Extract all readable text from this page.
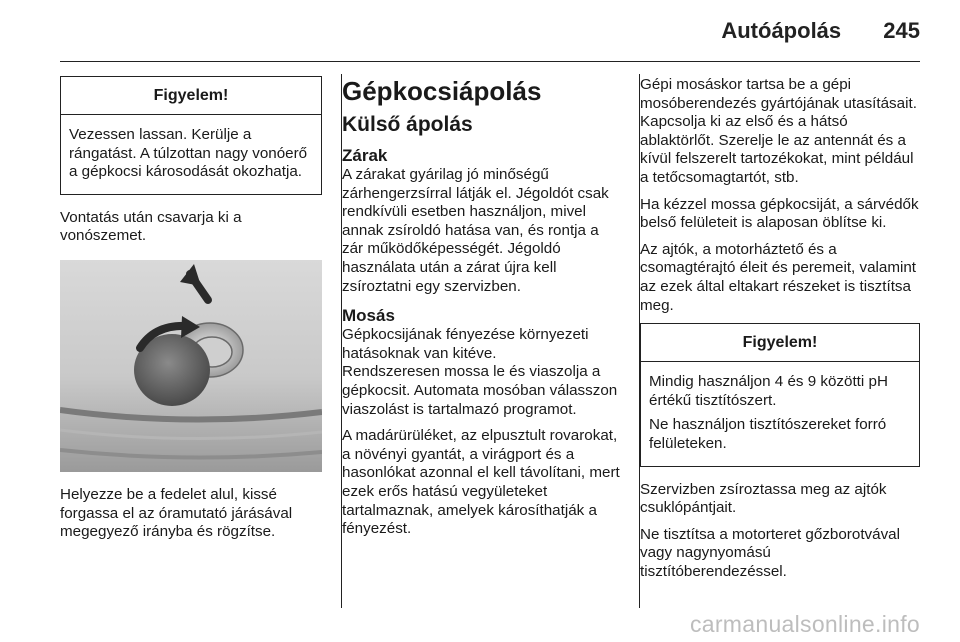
Autóápolás 245
Figyelem!

Vezessen lassan. Kerülje a rángatást. A túlzottan nagy vonóerő a gépkocsi károsodását okozhatja.

Vontatás után csavarja ki a vonószemet.

Helyezze be a fedelet alul, kissé forgassa el az óramutató járásával megegyező irányba és rögzítse.

Gépkocsiápolás
Külső ápolás
Zárak

A zárakat gyárilag jó minőségű zárhengerzsírral látják el. Jégoldót csak rendkívüli esetben használjon, mivel annak zsíroldó hatása van, és rontja a zár működőképességét. Jégoldó használata után a zárat újra kell zsíroztatni egy szervizben.

Mosás

Gépkocsijának fényezése környezeti hatásoknak van kitéve.

Rendszeresen mossa le és viaszolja a gépkocsit. Automata mosóban válasszon viaszolást is tartalmazó programot.

A madárürüléket, az elpusztult rovarokat, a növényi gyantát, a virágport és a hasonlókat azonnal el kell távolítani, mert ezek erős hatású vegyületeket tartalmaznak, amelyek károsíthatják a fényezést.

Gépi mosáskor tartsa be a gépi mosóberendezés gyártójának utasításait. Kapcsolja ki az első és a hátsó ablaktörlőt. Szerelje le az antennát és a kívül felszerelt tartozékokat, mint például a tetőcsomagtartót, stb.

Ha kézzel mossa gépkocsiját, a sárvédők belső felületeit is alaposan öblítse ki.

Az ajtók, a motorháztető és a csomagtérajtó éleit és peremeit, valamint az ezek által eltakart részeket is tisztítsa meg.

Figyelem!

Mindig használjon 4 és 9 közötti pH értékű tisztítószert.

Ne használjon tisztítószereket forró felületeken.

Szervizben zsíroztassa meg az ajtók csuklópántjait.

Ne tisztítsa a motorteret gőzborotvával vagy nagynyomású tisztítóberendezéssel.

carmanualsonline.info
